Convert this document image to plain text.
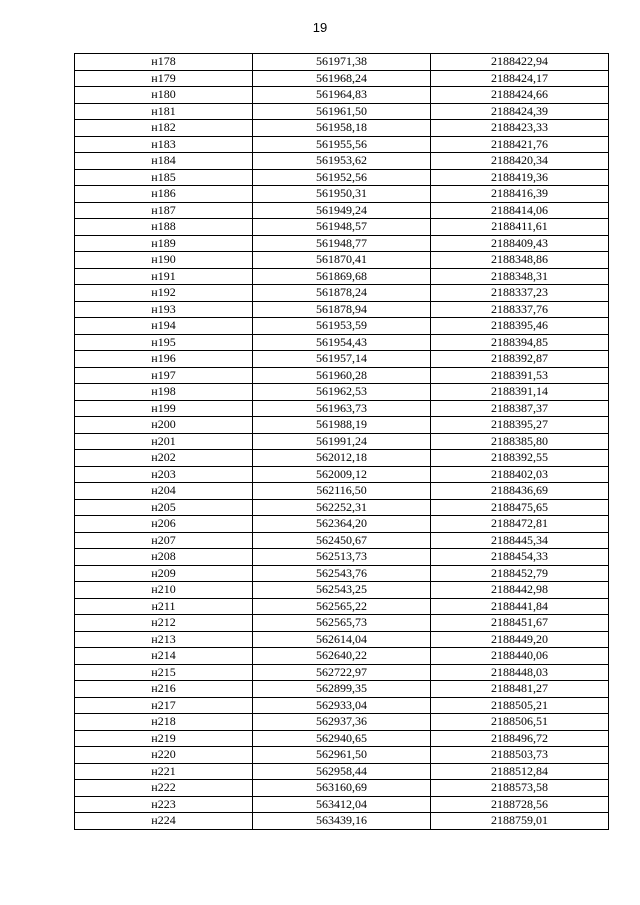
19
н178	561971,38	2188422,94
н179	561968,24	2188424,17
н180	561964,83	2188424,66
н181	561961,50	2188424,39
н182	561958,18	2188423,33
н183	561955,56	2188421,76
н184	561953,62	2188420,34
н185	561952,56	2188419,36
н186	561950,31	2188416,39
н187	561949,24	2188414,06
н188	561948,57	2188411,61
н189	561948,77	2188409,43
н190	561870,41	2188348,86
н191	561869,68	2188348,31
н192	561878,24	2188337,23
н193	561878,94	2188337,76
н194	561953,59	2188395,46
н195	561954,43	2188394,85
н196	561957,14	2188392,87
н197	561960,28	2188391,53
н198	561962,53	2188391,14
н199	561963,73	2188387,37
н200	561988,19	2188395,27
н201	561991,24	2188385,80
н202	562012,18	2188392,55
н203	562009,12	2188402,03
н204	562116,50	2188436,69
н205	562252,31	2188475,65
н206	562364,20	2188472,81
н207	562450,67	2188445,34
н208	562513,73	2188454,33
н209	562543,76	2188452,79
н210	562543,25	2188442,98
н211	562565,22	2188441,84
н212	562565,73	2188451,67
н213	562614,04	2188449,20
н214	562640,22	2188440,06
н215	562722,97	2188448,03
н216	562899,35	2188481,27
н217	562933,04	2188505,21
н218	562937,36	2188506,51
н219	562940,65	2188496,72
н220	562961,50	2188503,73
н221	562958,44	2188512,84
н222	563160,69	2188573,58
н223	563412,04	2188728,56
н224	563439,16	2188759,01
